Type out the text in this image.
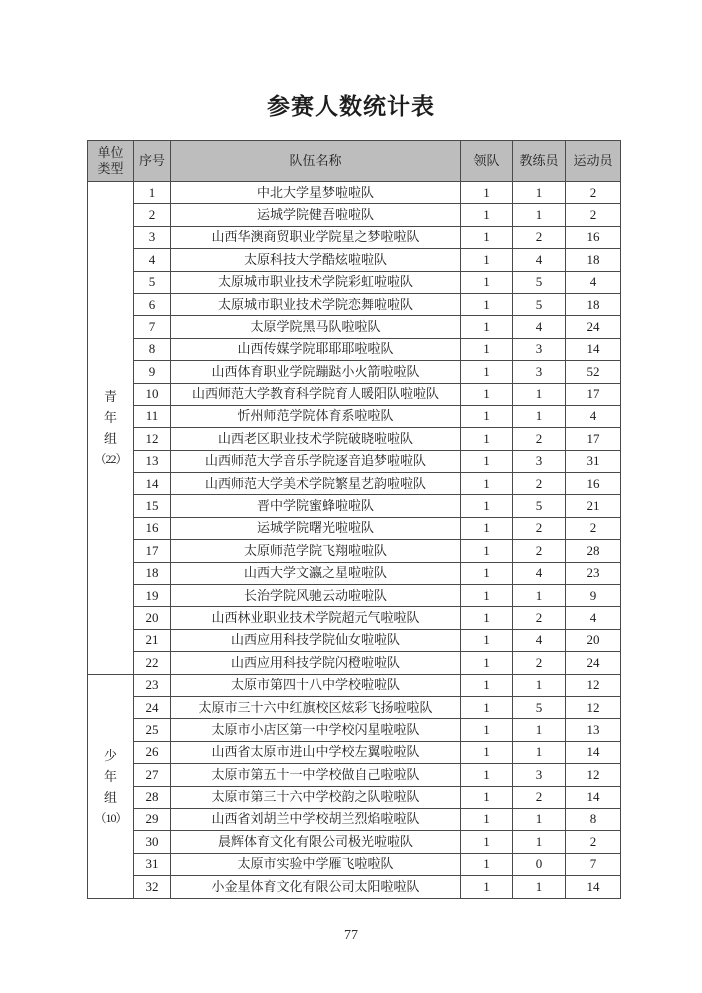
参赛人数统计表
单位
类型	序号	队伍名称	领队	教练员	运动员

青
年
组
（22）	1	中北大学星梦啦啦队	1	1	2
	2	运城学院健吾啦啦队	1	1	2
	3	山西华澳商贸职业学院星之梦啦啦队	1	2	16
	4	太原科技大学酷炫啦啦队	1	4	18
	5	太原城市职业技术学院彩虹啦啦队	1	5	4
	6	太原城市职业技术学院恋舞啦啦队	1	5	18
	7	太原学院黑马队啦啦队	1	4	24
	8	山西传媒学院耶耶耶啦啦队	1	3	14
	9	山西体育职业学院蹦跶小火箭啦啦队	1	3	52
	10	山西师范大学教育科学院育人暖阳队啦啦队	1	1	17
	11	忻州师范学院体育系啦啦队	1	1	4
	12	山西老区职业技术学院破晓啦啦队	1	2	17
	13	山西师范大学音乐学院逐音追梦啦啦队	1	3	31
	14	山西师范大学美术学院繁星艺韵啦啦队	1	2	16
	15	晋中学院蜜蜂啦啦队	1	5	21
	16	运城学院曙光啦啦队	1	2	2
	17	太原师范学院飞翔啦啦队	1	2	28
	18	山西大学文瀛之星啦啦队	1	4	23
	19	长治学院风驰云动啦啦队	1	1	9
	20	山西林业职业技术学院超元气啦啦队	1	2	4
	21	山西应用科技学院仙女啦啦队	1	4	20
	22	山西应用科技学院闪橙啦啦队	1	2	24

少
年
组
（10）	23	太原市第四十八中学校啦啦队	1	1	12
	24	太原市三十六中红旗校区炫彩飞扬啦啦队	1	5	12
	25	太原市小店区第一中学校闪星啦啦队	1	1	13
	26	山西省太原市进山中学校左翼啦啦队	1	1	14
	27	太原市第五十一中学校做自己啦啦队	1	3	12
	28	太原市第三十六中学校韵之队啦啦队	1	2	14
	29	山西省刘胡兰中学校胡兰烈焰啦啦队	1	1	8
	30	晨辉体育文化有限公司极光啦啦队	1	1	2
	31	太原市实验中学雁飞啦啦队	1	0	7
	32	小金星体育文化有限公司太阳啦啦队	1	1	14
77
